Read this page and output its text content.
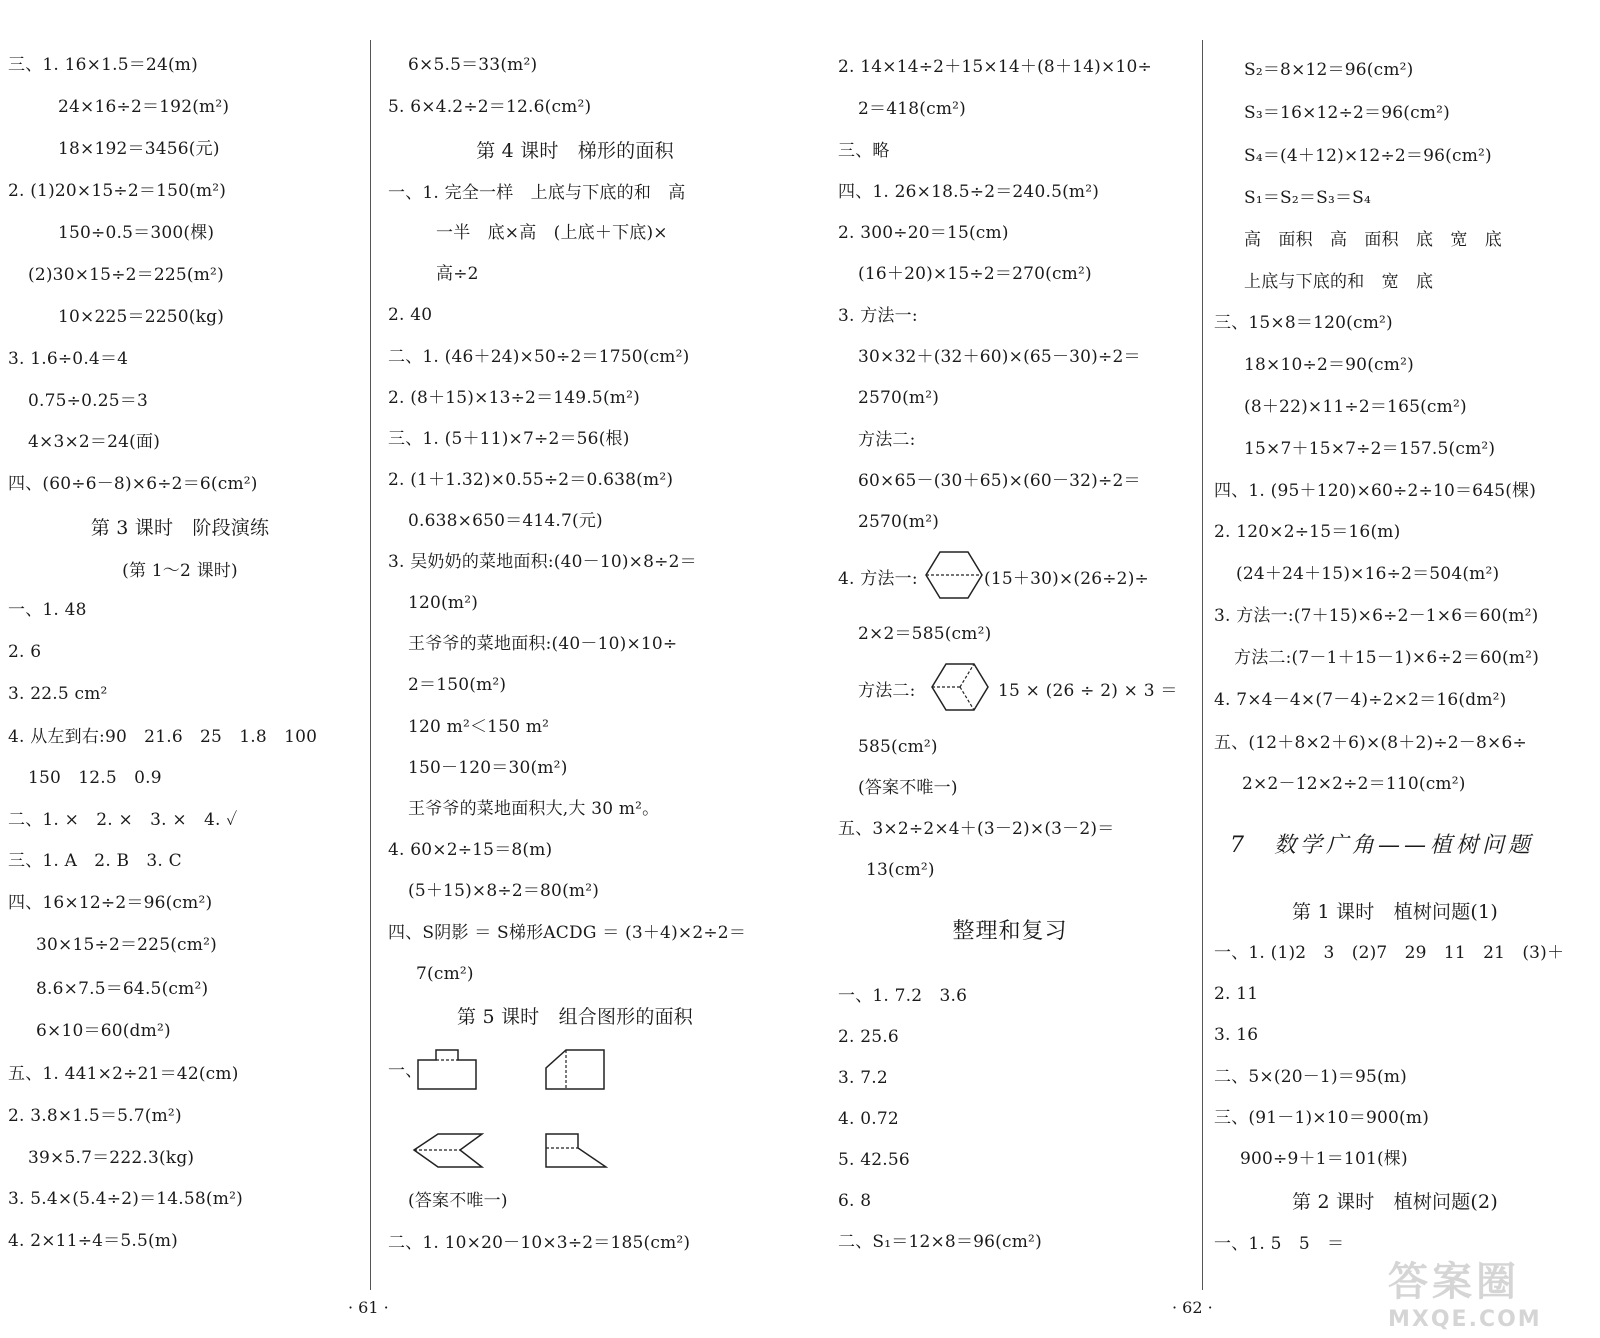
三、1. 16×1.5＝24(m)
24×16÷2＝192(m²)
18×192＝3456(元)
2. (1)20×15÷2＝150(m²)
150÷0.5＝300(棵)
(2)30×15÷2＝225(m²)
10×225＝2250(kg)
3. 1.6÷0.4＝4
0.75÷0.25＝3
4×3×2＝24(面)
四、(60÷6－8)×6÷2＝6(cm²)
第 3 课时　阶段演练
(第 1～2 课时)
一、1. 48
2. 6
3. 22.5 cm²
4. 从左到右:90　21.6　25　1.8　100
150　12.5　0.9
二、1. ×　2. ×　3. ×　4. ✓
三、1. A　2. B　3. C
四、16×12÷2＝96(cm²)
30×15÷2＝225(cm²)
8.6×7.5＝64.5(cm²)
6×10＝60(dm²)
五、1. 441×2÷21＝42(cm)
2. 3.8×1.5＝5.7(m²)
39×5.7＝222.3(kg)
3. 5.4×(5.4÷2)＝14.58(m²)
4. 2×11÷4＝5.5(m)
6×5.5＝33(m²)
5. 6×4.2÷2＝12.6(cm²)
第 4 课时　梯形的面积
一、1. 完全一样　上底与下底的和　高
一半　底×高　(上底＋下底)×
高÷2
2. 40
二、1. (46＋24)×50÷2＝1750(cm²)
2. (8＋15)×13÷2＝149.5(m²)
三、1. (5＋11)×7÷2＝56(根)
2. (1＋1.32)×0.55÷2＝0.638(m²)
0.638×650＝414.7(元)
3. 吴奶奶的菜地面积:(40－10)×8÷2＝
120(m²)
王爷爷的菜地面积:(40－10)×10÷
2＝150(m²)
120 m²＜150 m²
150－120＝30(m²)
王爷爷的菜地面积大,大 30 m²。
4. 60×2÷15＝8(m)
(5＋15)×8÷2＝80(m²)
四、S阴影 ＝ S梯形ACDG ＝ (3＋4)×2÷2＝
7(cm²)
第 5 课时　组合图形的面积
一、
(答案不唯一)
二、1. 10×20－10×3÷2＝185(cm²)
· 61 ·
2. 14×14÷2＋15×14＋(8＋14)×10÷
2＝418(cm²)
三、略
四、1. 26×18.5÷2＝240.5(m²)
2. 300÷20＝15(cm)
(16＋20)×15÷2＝270(cm²)
3. 方法一:
30×32＋(32＋60)×(65－30)÷2＝
2570(m²)
方法二:
60×65－(30＋65)×(60－32)÷2＝
2570(m²)
4. 方法一:	(15＋30)×(26÷2)÷
2×2＝585(cm²)
方法二:	15 × (26 ÷ 2) × 3 ＝
585(cm²)
(答案不唯一)
五、3×2÷2×4＋(3－2)×(3－2)＝
13(cm²)
整理和复习
一、1. 7.2　3.6
2. 25.6
3. 7.2
4. 0.72
5. 42.56
6. 8
二、S₁＝12×8＝96(cm²)
S₂＝8×12＝96(cm²)
S₃＝16×12÷2＝96(cm²)
S₄＝(4＋12)×12÷2＝96(cm²)
S₁＝S₂＝S₃＝S₄
高　面积　高　面积　底　宽　底
上底与下底的和　宽　底
三、15×8＝120(cm²)
18×10÷2＝90(cm²)
(8＋22)×11÷2＝165(cm²)
15×7＋15×7÷2＝157.5(cm²)
四、1. (95＋120)×60÷2÷10＝645(棵)
2. 120×2÷15＝16(m)
(24＋24＋15)×16÷2＝504(m²)
3. 方法一:(7＋15)×6÷2－1×6＝60(m²)
方法二:(7－1＋15－1)×6÷2＝60(m²)
4. 7×4－4×(7－4)÷2×2＝16(dm²)
五、(12＋8×2＋6)×(8＋2)÷2－8×6÷
2×2－12×2÷2＝110(cm²)
7　数学广角——植树问题
第 1 课时　植树问题(1)
一、1. (1)2　3　(2)7　29　11　21　(3)＋
2. 11
3. 16
二、5×(20－1)＝95(m)
三、(91－1)×10＝900(m)
900÷9＋1＝101(棵)
第 2 课时　植树问题(2)
一、1. 5　5　＝
· 62 ·
答案圈
MXQE.COM
